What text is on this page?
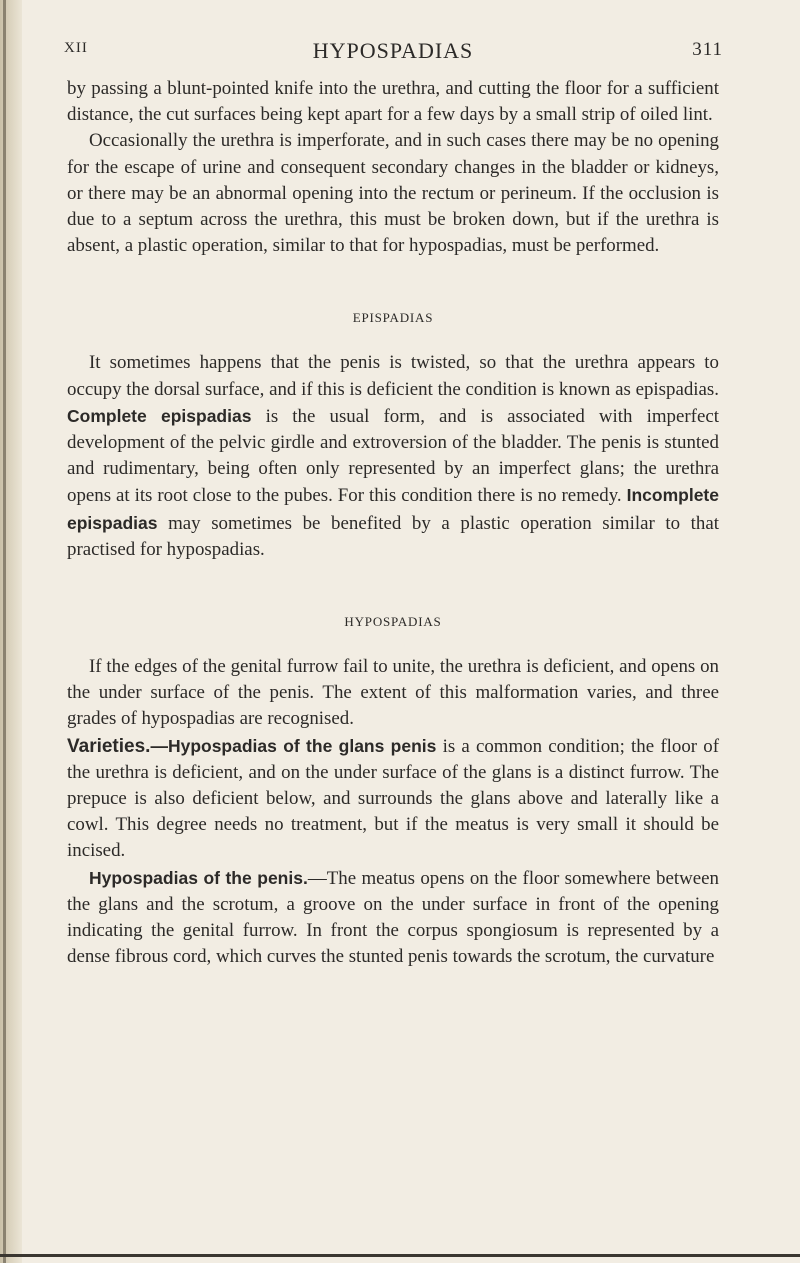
XII	HYPOSPADIAS	311

by passing a blunt-pointed knife into the urethra, and cutting the floor for a sufficient distance, the cut surfaces being kept apart for a few days by a small strip of oiled lint.

Occasionally the urethra is imperforate, and in such cases there may be no opening for the escape of urine and consequent secondary changes in the bladder or kidneys, or there may be an abnormal opening into the rectum or perineum. If the occlusion is due to a septum across the urethra, this must be broken down, but if the urethra is absent, a plastic operation, similar to that for hypospadias, must be performed.

EPISPADIAS

It sometimes happens that the penis is twisted, so that the urethra appears to occupy the dorsal surface, and if this is deficient the condition is known as epispadias. Complete epispadias is the usual form, and is associated with imperfect development of the pelvic girdle and extroversion of the bladder. The penis is stunted and rudimentary, being often only represented by an imperfect glans; the urethra opens at its root close to the pubes. For this condition there is no remedy. Incomplete epispadias may sometimes be benefited by a plastic operation similar to that practised for hypospadias.

HYPOSPADIAS

If the edges of the genital furrow fail to unite, the urethra is deficient, and opens on the under surface of the penis. The extent of this malformation varies, and three grades of hypospadias are recognised.

Varieties.—Hypospadias of the glans penis is a common condition; the floor of the urethra is deficient, and on the under surface of the glans is a distinct furrow. The prepuce is also deficient below, and surrounds the glans above and laterally like a cowl. This degree needs no treatment, but if the meatus is very small it should be incised.

Hypospadias of the penis.—The meatus opens on the floor somewhere between the glans and the scrotum, a groove on the under surface in front of the opening indicating the genital furrow. In front the corpus spongiosum is represented by a dense fibrous cord, which curves the stunted penis towards the scrotum, the curvature
